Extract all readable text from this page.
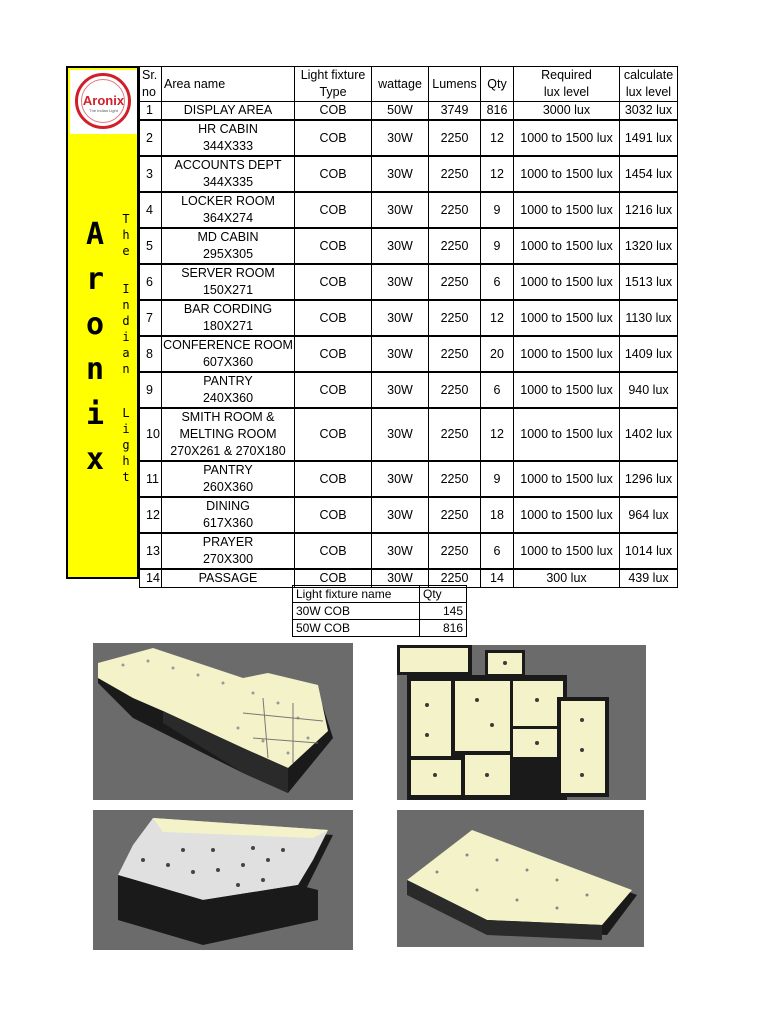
Aronix
The Indian Light
A
r
o
n
i
x
T
h
e
I
n
d
i
a
n
L
i
g
h
t
Sr.
no	Area name	Light fixture
Type	wattage	Lumens	Qty	Required
lux level	calculate
lux level
1	DISPLAY AREA	COB	50W	3749	816	3000 lux	3032 lux
2	HR CABIN
344X333	COB	30W	2250	12	1000 to 1500 lux	1491 lux
3	ACCOUNTS DEPT
344X335	COB	30W	2250	12	1000 to 1500 lux	1454 lux
4	LOCKER ROOM
364X274	COB	30W	2250	9	1000 to 1500 lux	1216 lux
5	MD CABIN
295X305	COB	30W	2250	9	1000 to 1500 lux	1320 lux
6	SERVER ROOM
150X271	COB	30W	2250	6	1000 to 1500 lux	1513 lux
7	BAR CORDING
180X271	COB	30W	2250	12	1000 to 1500 lux	1130 lux
8	CONFERENCE ROOM
607X360	COB	30W	2250	20	1000 to 1500 lux	1409 lux
9	PANTRY
240X360	COB	30W	2250	6	1000 to 1500 lux	940 lux
10	SMITH ROOM &
MELTING ROOM
270X261 & 270X180	COB	30W	2250	12	1000 to 1500 lux	1402 lux
11	PANTRY
260X360	COB	30W	2250	9	1000 to 1500 lux	1296 lux
12	DINING
617X360	COB	30W	2250	18	1000 to 1500 lux	964 lux
13	PRAYER
270X300	COB	30W	2250	6	1000 to 1500 lux	1014 lux
14	PASSAGE	COB	30W	2250	14	300 lux	439 lux
Light fixture name	Qty
30W COB	145
50W COB	816
